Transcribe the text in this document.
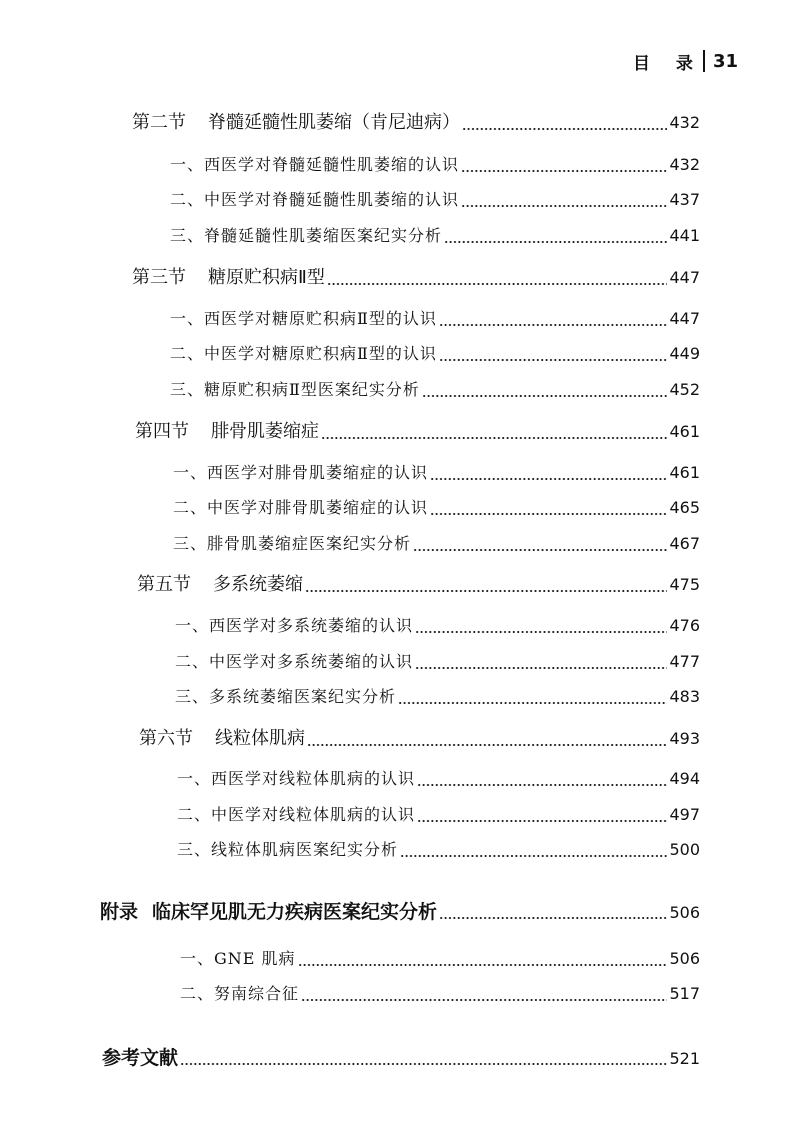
目 录 31
第二节 脊髓延髓性肌萎缩（肯尼迪病）	432
一、西医学对脊髓延髓性肌萎缩的认识	432
二、中医学对脊髓延髓性肌萎缩的认识	437
三、脊髓延髓性肌萎缩医案纪实分析	441
第三节 糖原贮积病Ⅱ型	447
一、西医学对糖原贮积病Ⅱ型的认识	447
二、中医学对糖原贮积病Ⅱ型的认识	449
三、糖原贮积病Ⅱ型医案纪实分析	452
第四节 腓骨肌萎缩症	461
一、西医学对腓骨肌萎缩症的认识	461
二、中医学对腓骨肌萎缩症的认识	465
三、腓骨肌萎缩症医案纪实分析	467
第五节 多系统萎缩	475
一、西医学对多系统萎缩的认识	476
二、中医学对多系统萎缩的认识	477
三、多系统萎缩医案纪实分析	483
第六节 线粒体肌病	493
一、西医学对线粒体肌病的认识	494
二、中医学对线粒体肌病的认识	497
三、线粒体肌病医案纪实分析	500
附录 临床罕见肌无力疾病医案纪实分析	506
一、GNE 肌病	506
二、努南综合征	517
参考文献	521
